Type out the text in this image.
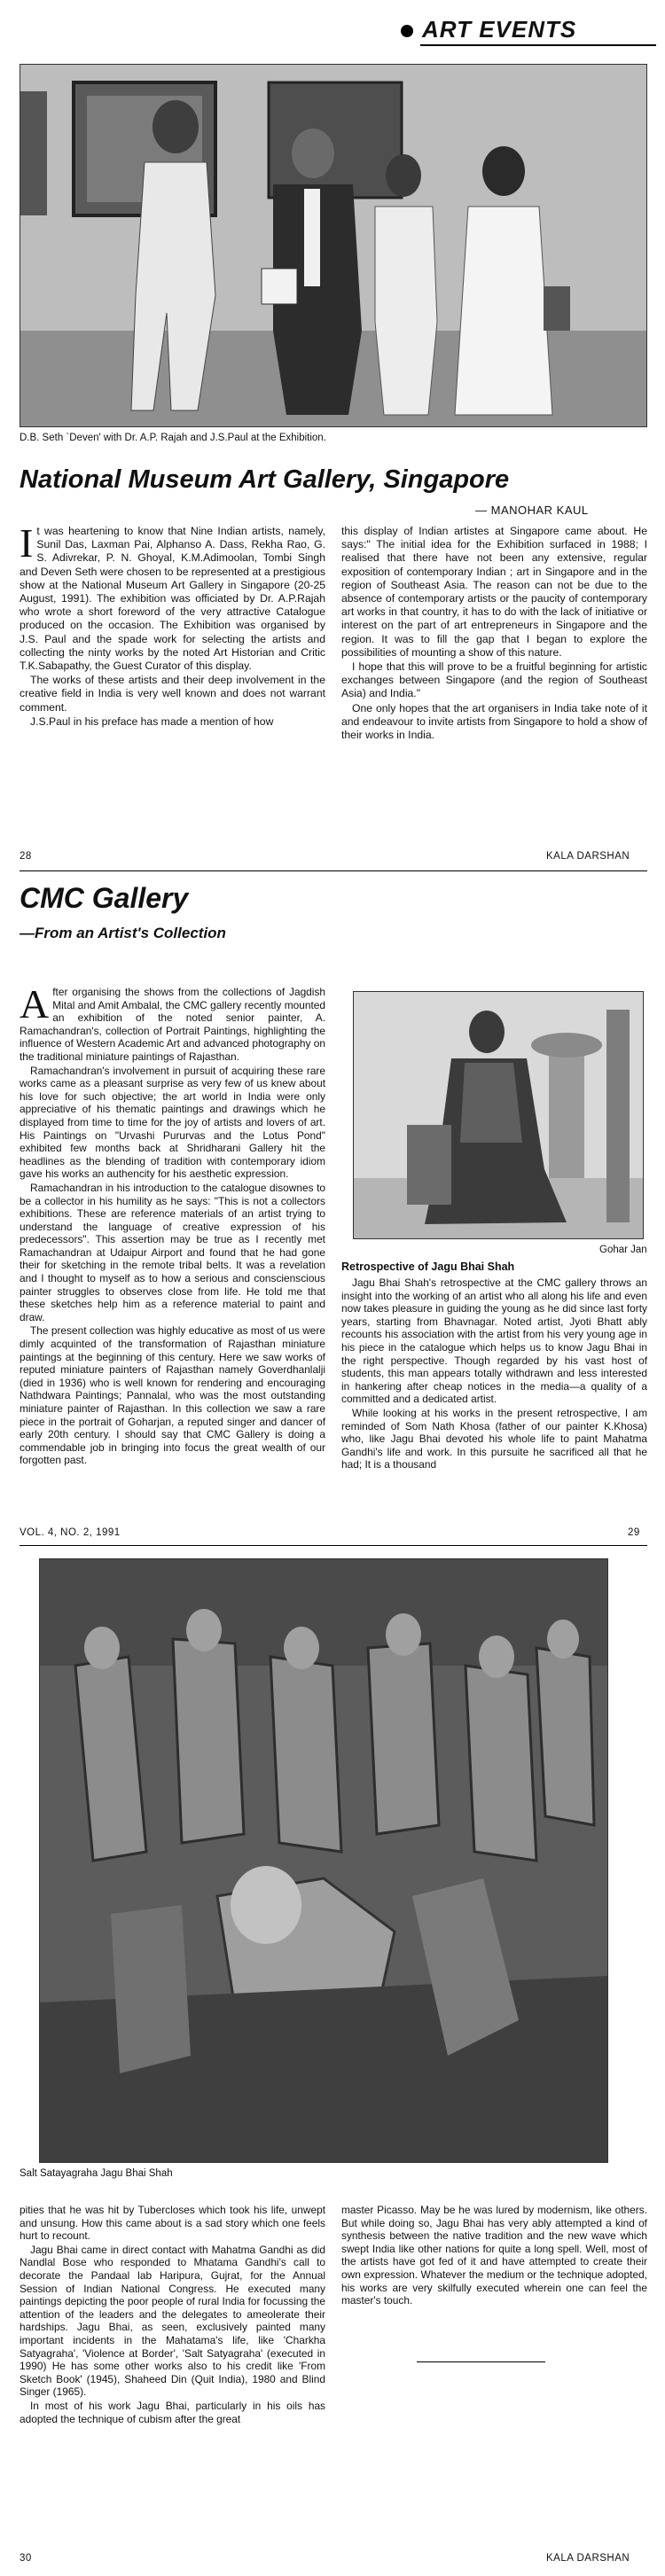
ART EVENTS
D.B. Seth `Deven' with Dr. A.P. Rajah and J.S.Paul at the Exhibition.
National Museum Art Gallery, Singapore
— MANOHAR KAUL

It was heartening to know that Nine Indian artists, namely, Sunil Das, Laxman Pai, Alphanso A. Dass, Rekha Rao, G. S. Adivrekar, P. N. Ghoyal, K.M.Adimoolan, Tombi Singh and Deven Seth were chosen to be represented at a prestigious show at the National Museum Art Gallery in Singapore (20-25 August, 1991). The exhibition was officiated by Dr. A.P.Rajah who wrote a short foreword of the very attractive Catalogue produced on the occasion. The Exhibition was organised by J.S. Paul and the spade work for selecting the artists and collecting the ninty works by the noted Art Historian and Critic T.K.Sabapathy, the Guest Curator of this display.

The works of these artists and their deep involvement in the creative field in India is very well known and does not warrant comment.

J.S.Paul in his preface has made a mention of how

this display of Indian artistes at Singapore came about. He says:" The initial idea for the Exhibition surfaced in 1988; I realised that there have not been any extensive, regular exposition of contemporary Indian ; art in Singapore and in the region of Southeast Asia. The reason can not be due to the absence of contemporary artists or the paucity of contemporary art works in that country, it has to do with the lack of initiative or interest on the part of art entrepreneurs in Singapore and the region. It was to fill the gap that I began to explore the possibilities of mounting a show of this nature.

I hope that this will prove to be a fruitful beginning for artistic exchanges between Singapore (and the region of Southeast Asia) and India."

One only hopes that the art organisers in India take note of it and endeavour to invite artists from Singapore to hold a show of their works in India.

28	KALA DARSHAN
CMC Gallery
—From an Artist's Collection

After organising the shows from the collections of Jagdish Mital and Amit Ambalal, the CMC gallery recently mounted an exhibition of the noted senior painter, A. Ramachandran's, collection of Portrait Paintings, highlighting the influence of Western Academic Art and advanced photography on the traditional miniature paintings of Rajasthan.

Ramachandran's involvement in pursuit of acquiring these rare works came as a pleasant surprise as very few of us knew about his love for such objective; the art world in India were only appreciative of his thematic paintings and drawings which he displayed from time to time for the joy of artists and lovers of art. His Paintings on "Urvashi Pururvas and the Lotus Pond" exhibited few months back at Shridharani Gallery hit the headlines as the blending of tradition with contemporary idiom gave his works an authencity for his aesthetic expression.

Ramachandran in his introduction to the catalogue disownes to be a collector in his humility as he says: "This is not a collectors exhibitions. These are reference materials of an artist trying to understand the language of creative expression of his predecessors". This assertion may be true as I recently met Ramachandran at Udaipur Airport and found that he had gone their for sketching in the remote tribal belts. It was a revelation and I thought to myself as to how a serious and conscienscious painter struggles to observes close from life. He told me that these sketches help him as a reference material to paint and draw.

The present collection was highly educative as most of us were dimly acquinted of the transformation of Rajasthan miniature paintings at the beginning of this century. Here we saw works of reputed miniature painters of Rajasthan namely Goverdhanlalji (died in 1936) who is well known for rendering and encouraging Nathdwara Paintings; Pannalal, who was the most outstanding miniature painter of Rajasthan. In this collection we saw a rare piece in the portrait of Goharjan, a reputed singer and dancer of early 20th century. I should say that CMC Gallery is doing a commendable job in bringing into focus the great wealth of our forgotten past.

Gohar Jan
Retrospective of Jagu Bhai Shah

Jagu Bhai Shah's retrospective at the CMC gallery throws an insight into the working of an artist who all along his life and even now takes pleasure in guiding the young as he did since last forty years, starting from Bhavnagar. Noted artist, Jyoti Bhatt ably recounts his association with the artist from his very young age in his piece in the catalogue which helps us to know Jagu Bhai in the right perspective. Though regarded by his vast host of students, this man appears totally withdrawn and less interested in hankering after cheap notices in the media—a quality of a committed and a dedicated artist.

While looking at his works in the present retrospective, I am reminded of Som Nath Khosa (father of our painter K.Khosa) who, like Jagu Bhai devoted his whole life to paint Mahatma Gandhi's life and work. In this pursuite he sacrificed all that he had; It is a thousand

VOL. 4, NO. 2, 1991	29
Salt Satayagraha Jagu Bhai Shah

pities that he was hit by Tubercloses which took his life, unwept and unsung. How this came about is a sad story which one feels hurt to recount.

Jagu Bhai came in direct contact with Mahatma Gandhi as did Nandlal Bose who responded to Mhatama Gandhi's call to decorate the Pandaal lab Haripura, Gujrat, for the Annual Session of Indian National Congress. He executed many paintings depicting the poor people of rural India for focussing the attention of the leaders and the delegates to ameolerate their hardships. Jagu Bhai, as seen, exclusively painted many important incidents in the Mahatama's life, like 'Charkha Satyagraha', 'Violence at Border', 'Salt Satyagraha' (executed in 1990) He has some other works also to his credit like 'From Sketch Book' (1945), Shaheed Din (Quit India), 1980 and Blind Singer (1965).

In most of his work Jagu Bhai, particularly in his oils has adopted the technique of cubism after the great

master Picasso. May be he was lured by modernism, like others. But while doing so, Jagu Bhai has very ably attempted a kind of synthesis between the native tradition and the new wave which swept India like other nations for quite a long spell. Well, most of the artists have got fed of it and have attempted to create their own expression. Whatever the medium or the technique adopted, his works are very skilfully executed wherein one can feel the master's touch.

30	KALA DARSHAN
